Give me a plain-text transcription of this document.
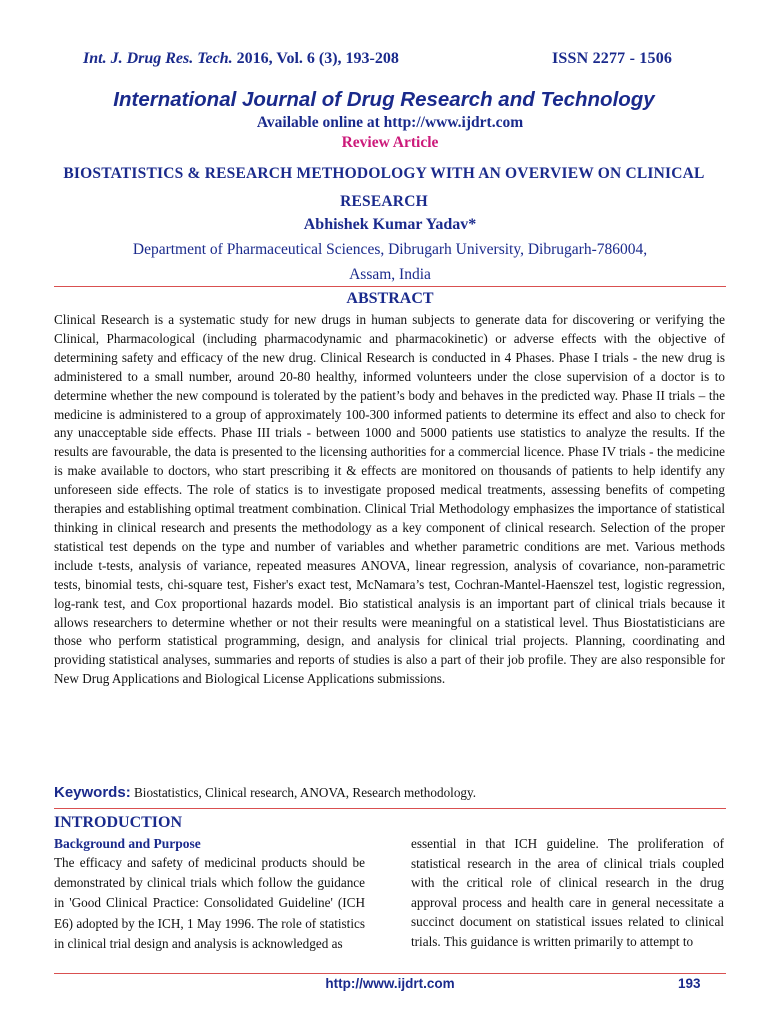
Int. J. Drug Res. Tech. 2016, Vol. 6 (3), 193-208	ISSN 2277 - 1506
International Journal of Drug Research and Technology
Available online at http://www.ijdrt.com
Review Article
BIOSTATISTICS & RESEARCH METHODOLOGY WITH AN OVERVIEW ON CLINICAL RESEARCH
Abhishek Kumar Yadav*
Department of Pharmaceutical Sciences, Dibrugarh University, Dibrugarh-786004,
Assam, India
ABSTRACT
Clinical Research is a systematic study for new drugs in human subjects to generate data for discovering or verifying the Clinical, Pharmacological (including pharmacodynamic and pharmacokinetic) or adverse effects with the objective of determining safety and efficacy of the new drug. Clinical Research is conducted in 4 Phases. Phase I trials - the new drug is administered to a small number, around 20-80 healthy, informed volunteers under the close supervision of a doctor is to determine whether the new compound is tolerated by the patient’s body and behaves in the predicted way. Phase II trials – the medicine is administered to a group of approximately 100-300 informed patients to determine its effect and also to check for any unacceptable side effects. Phase III trials - between 1000 and 5000 patients use statistics to analyze the results. If the results are favourable, the data is presented to the licensing authorities for a commercial licence. Phase IV trials - the medicine is make available to doctors, who start prescribing it & effects are monitored on thousands of patients to help identify any unforeseen side effects. The role of statics is to investigate proposed medical treatments, assessing benefits of competing therapies and establishing optimal treatment combination. Clinical Trial Methodology emphasizes the importance of statistical thinking in clinical research and presents the methodology as a key component of clinical research. Selection of the proper statistical test depends on the type and number of variables and whether parametric conditions are met. Various methods include t-tests, analysis of variance, repeated measures ANOVA, linear regression, analysis of covariance, non-parametric tests, binomial tests, chi-square test, Fisher's exact test, McNamara’s test, Cochran-Mantel-Haenszel test, logistic regression, log-rank test, and Cox proportional hazards model. Bio statistical analysis is an important part of clinical trials because it allows researchers to determine whether or not their results were meaningful on a statistical level. Thus Biostatisticians are those who perform statistical programming, design, and analysis for clinical trial projects. Planning, coordinating and providing statistical analyses, summaries and reports of studies is also a part of their job profile. They are also responsible for New Drug Applications and Biological License Applications submissions.
Keywords: Biostatistics, Clinical research, ANOVA, Research methodology.
INTRODUCTION
Background and Purpose
The efficacy and safety of medicinal products should be demonstrated by clinical trials which follow the guidance in 'Good Clinical Practice: Consolidated Guideline' (ICH E6) adopted by the ICH, 1 May 1996. The role of statistics in clinical trial design and analysis is acknowledged as
essential in that ICH guideline. The proliferation of statistical research in the area of clinical trials coupled with the critical role of clinical research in the drug approval process and health care in general necessitate a succinct document on statistical issues related to clinical trials. This guidance is written primarily to attempt to
http://www.ijdrt.com	193
